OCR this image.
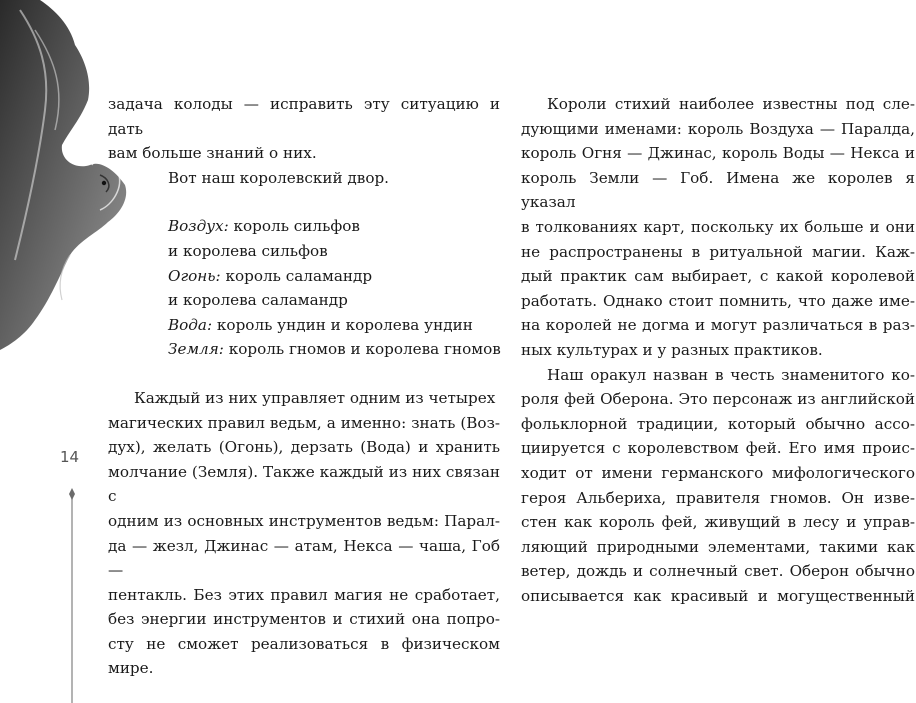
14
задача колоды — исправить эту ситуацию и дать
вам больше знаний о них.
Вот наш королевский двор.
Воздух: король сильфов
и королева сильфов
Огонь: король саламандр
и королева саламандр
Вода: король ундин и королева ундин
Земля: король гномов и королева гномов
Каждый из них управляет одним из четырех
магических правил ведьм, а именно: знать (Воз-
дух), желать (Огонь), дерзать (Вода) и хранить
молчание (Земля). Также каждый из них связан с
одним из основных инструментов ведьм: Парал-
да — жезл, Джинас — атам, Некса — чаша, Гоб —
пентакль. Без этих правил магия не сработает,
без энергии инструментов и стихий она попро-
сту не сможет реализоваться в физическом мире.
Короли стихий наиболее известны под сле-
дующими именами: король Воздуха — Паралда,
король Огня — Джинас, король Воды — Некса и
король Земли — Гоб. Имена же королев я указал
в толкованиях карт, поскольку их больше и они
не распространены в ритуальной магии. Каж-
дый практик сам выбирает, с какой королевой
работать. Однако стоит помнить, что даже име-
на королей не догма и могут различаться в раз-
ных культурах и у разных практиков.
Наш оракул назван в честь знаменитого ко-
роля фей Оберона. Это персонаж из английской
фольклорной традиции, который обычно ассо-
циируется с королевством фей. Его имя проис-
ходит от имени германского мифологического
героя Альбериха, правителя гномов. Он изве-
стен как король фей, живущий в лесу и управ-
ляющий природными элементами, такими как
ветер, дождь и солнечный свет. Оберон обычно
описывается как красивый и могущественный
